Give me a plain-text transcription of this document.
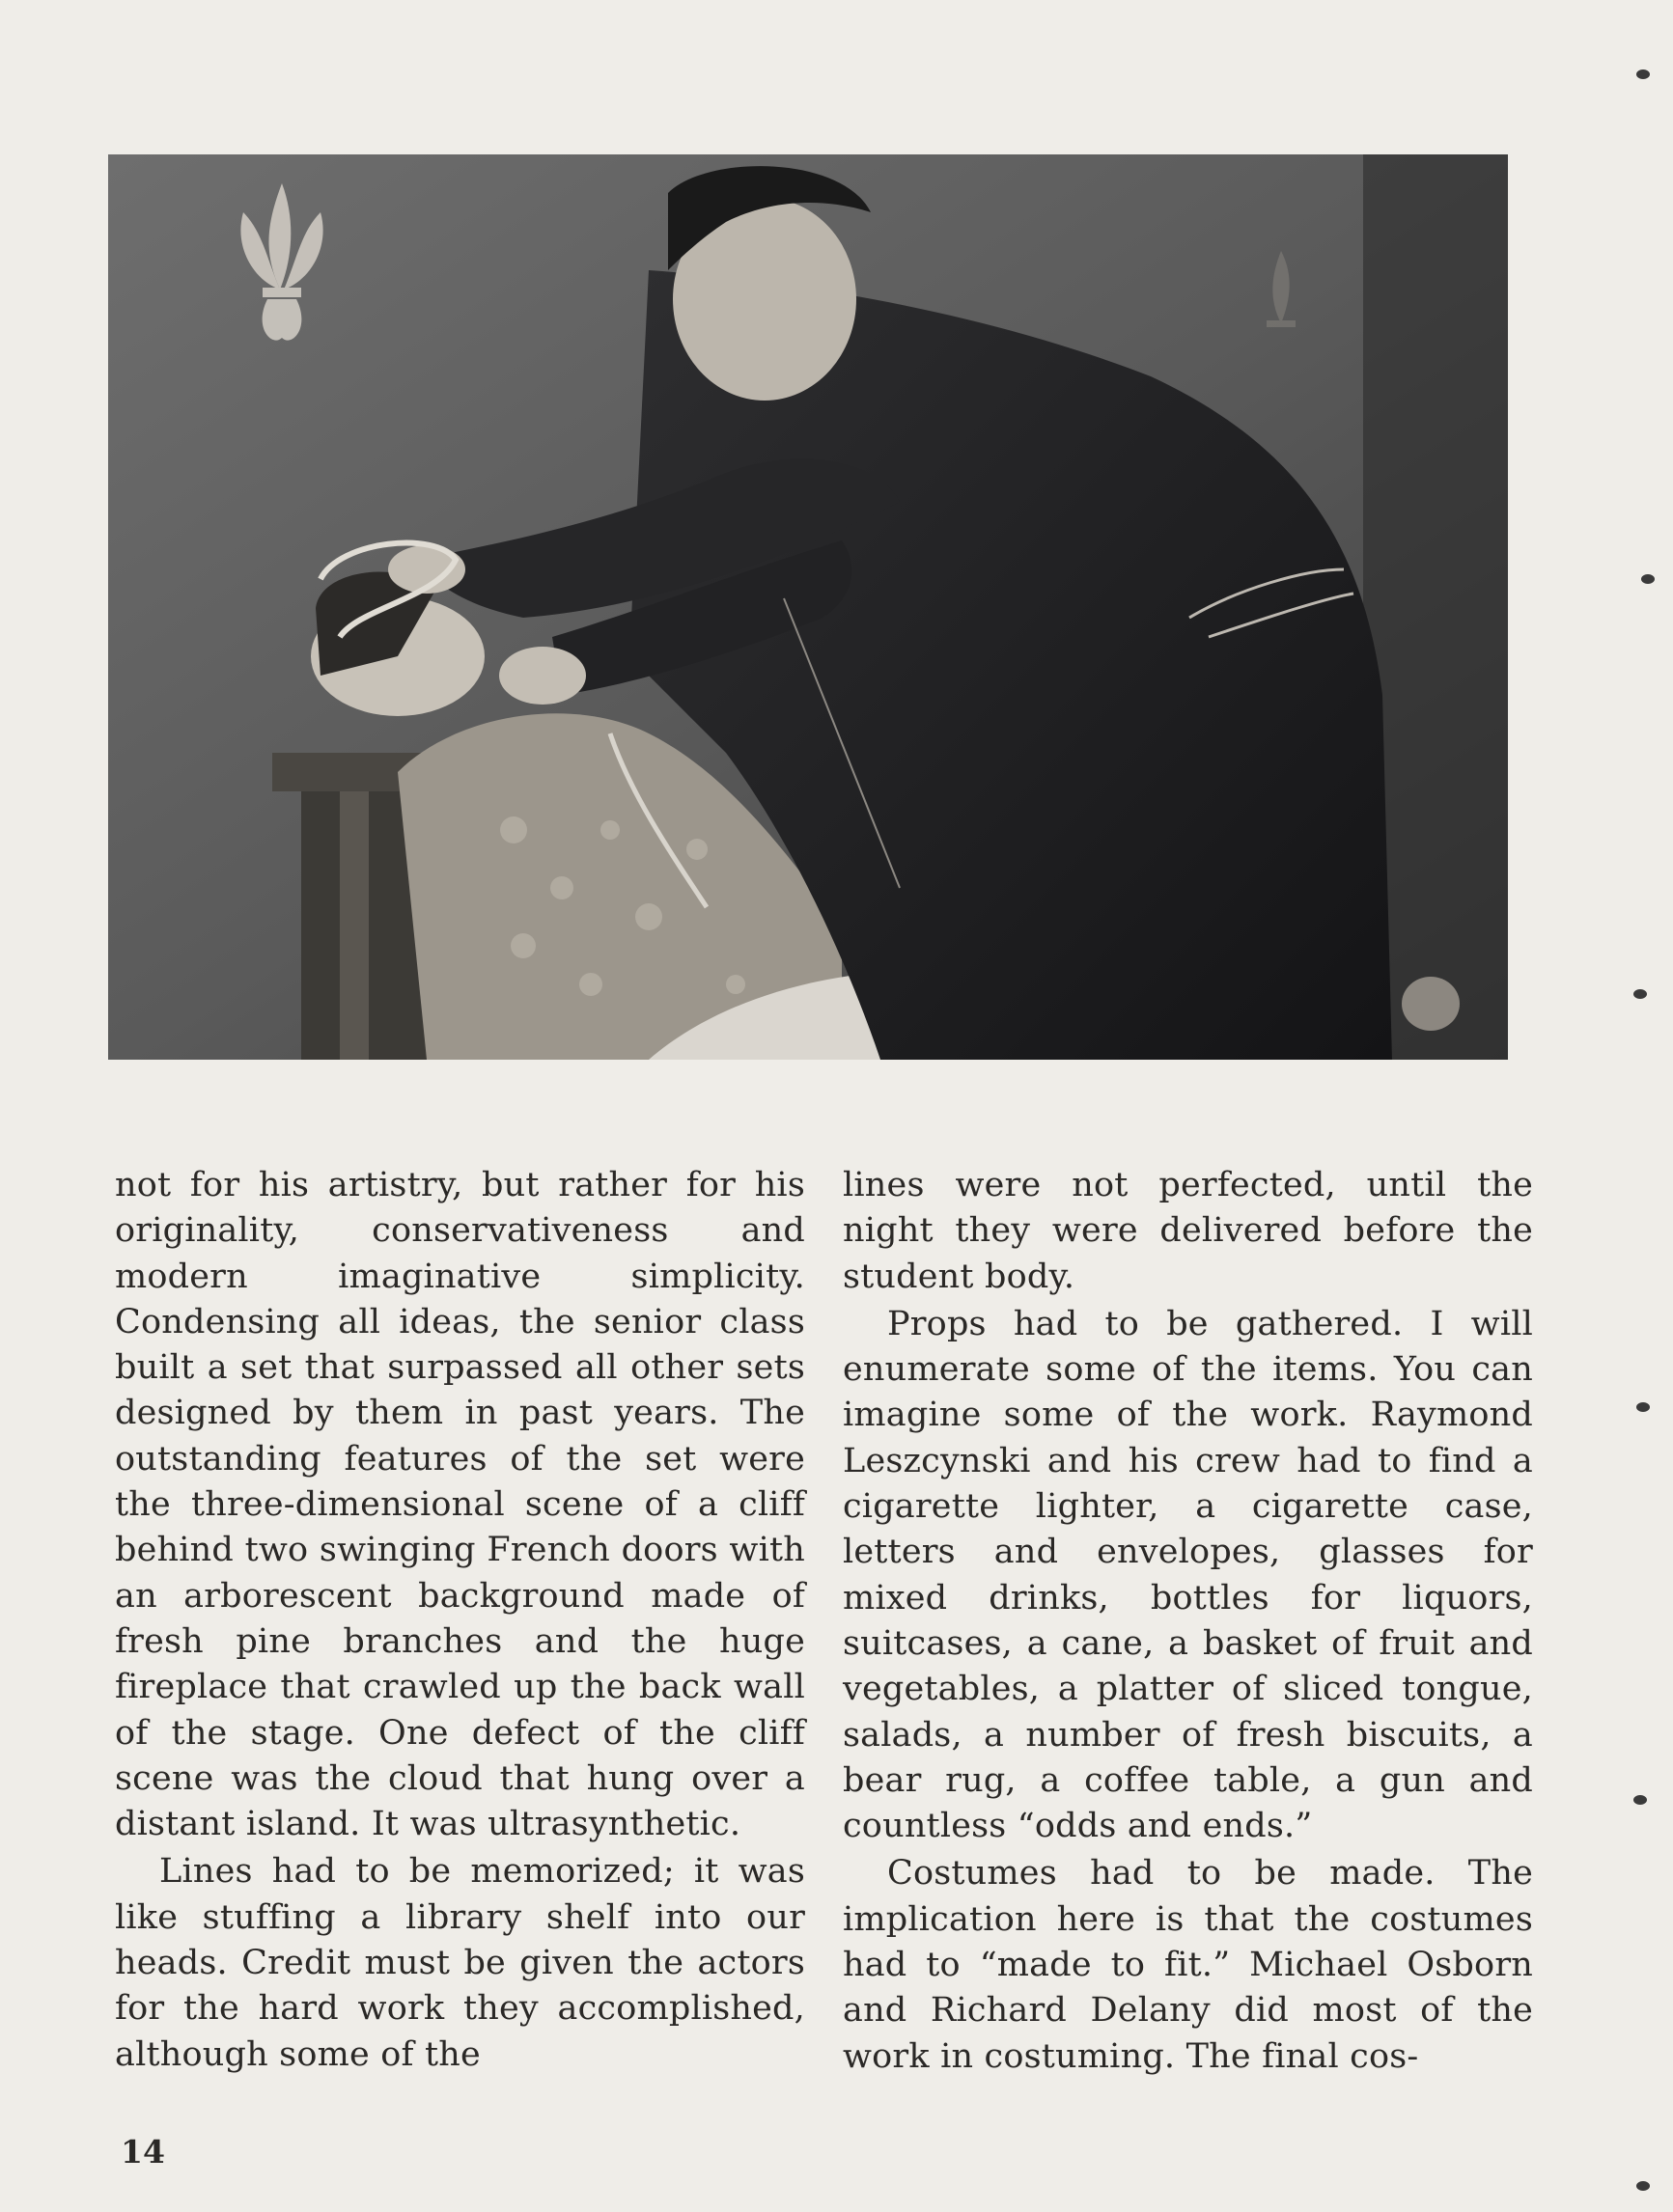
not for his artistry, but rather for his originality, conservativeness and modern imaginative simplicity. Condensing all ideas, the senior class built a set that surpassed all other sets designed by them in past years. The outstanding features of the set were the three-dimensional scene of a cliff behind two swinging French doors with an arborescent background made of fresh pine branches and the huge fireplace that crawled up the back wall of the stage. One defect of the cliff scene was the cloud that hung over a distant island. It was ultrasynthetic.

Lines had to be memorized; it was like stuffing a library shelf into our heads. Credit must be given the actors for the hard work they accomplished, although some of the

lines were not perfected, until the night they were delivered before the student body.

Props had to be gathered. I will enumerate some of the items. You can imagine some of the work. Raymond Leszcynski and his crew had to find a cigarette lighter, a cigarette case, letters and envelopes, glasses for mixed drinks, bottles for liquors, suitcases, a cane, a basket of fruit and vegetables, a platter of sliced tongue, salads, a number of fresh biscuits, a bear rug, a coffee table, a gun and countless “odds and ends.”

Costumes had to be made. The implication here is that the costumes had to “made to fit.” Michael Osborn and Richard Delany did most of the work in costuming. The final cos-

14
